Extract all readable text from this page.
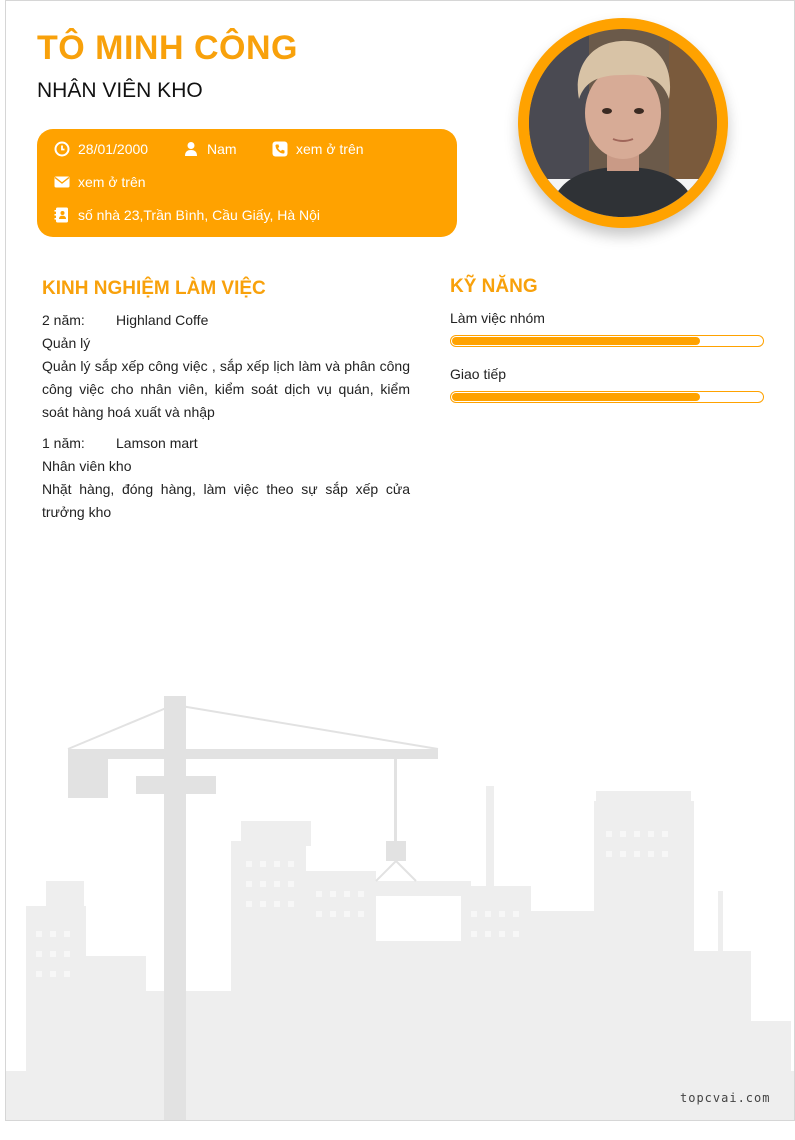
TÔ MINH CÔNG
NHÂN VIÊN KHO
28/01/2000	Nam	xem ở trên
xem ở trên
số nhà 23,Trần Bình, Cầu Giấy, Hà Nội
KINH NGHIỆM LÀM VIỆC
2 năm:	Highland Coffe
Quản lý
Quản lý sắp xếp công việc , sắp xếp lịch làm và phân công công việc cho nhân viên, kiểm soát dịch vụ quán, kiểm soát hàng hoá xuất và nhập
1 năm:	Lamson mart
Nhân viên kho
Nhặt hàng, đóng hàng, làm việc theo sự sắp xếp cửa trưởng kho
KỸ NĂNG
Làm việc nhóm
Giao tiếp
topcvai.com
